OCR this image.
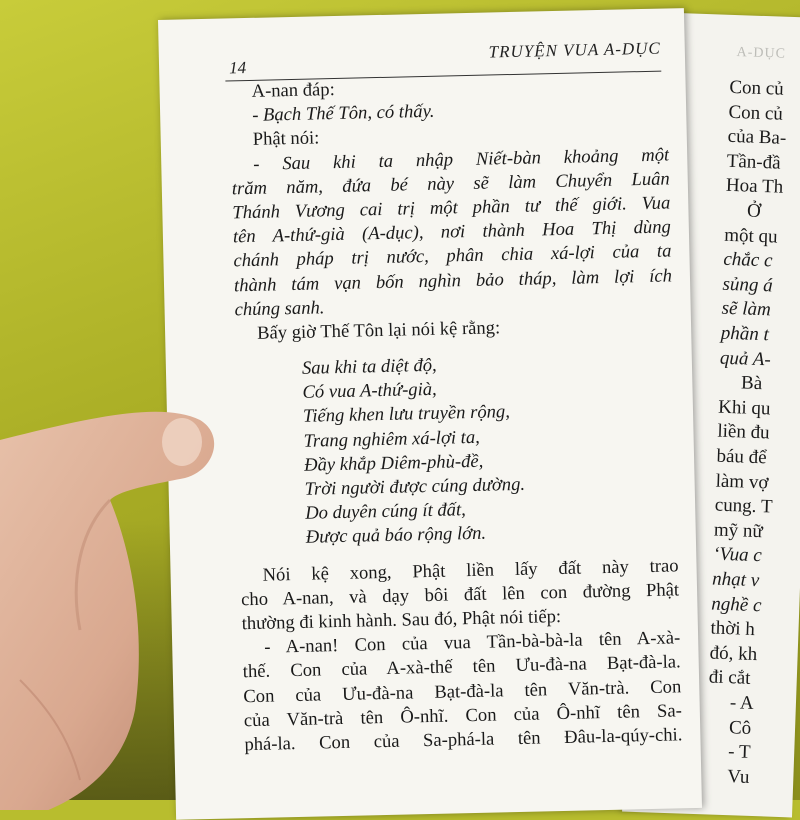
A-DỤC
Con củ
Con củ
của Ba-
Tần-đầ
Hoa Th
Ở
một qu
chắc c
sủng á
sẽ làm
phần t
quả A-
Bà
Khi qu
liền đu
báu để
làm vợ
cung. T
mỹ nữ
‘Vua c
nhạt v
nghề c
thời h
đó, kh
đi cắt
- A
Cô
- T
Vu
14
TRUYỆN VUA A-DỤC
A-nan đáp:
- Bạch Thế Tôn, có thấy.
Phật nói:
- Sau khi ta nhập Niết-bàn khoảng một
trăm năm, đứa bé này sẽ làm Chuyển Luân
Thánh Vương cai trị một phần tư thế giới. Vua
tên A-thứ-già (A-dục), nơi thành Hoa Thị dùng
chánh pháp trị nước, phân chia xá-lợi của ta
thành tám vạn bốn nghìn bảo tháp, làm lợi ích
chúng sanh.
Bấy giờ Thế Tôn lại nói kệ rằng:
Sau khi ta diệt độ,
Có vua A-thứ-già,
Tiếng khen lưu truyền rộng,
Trang nghiêm xá-lợi ta,
Đầy khắp Diêm-phù-đề,
Trời người được cúng dường.
Do duyên cúng ít đất,
Được quả báo rộng lớn.
Nói kệ xong, Phật liền lấy đất này trao
cho A-nan, và dạy bôi đất lên con đường Phật
thường đi kinh hành. Sau đó, Phật nói tiếp:
- A-nan! Con của vua Tần-bà-bà-la tên A-xà-
thế. Con của A-xà-thế tên Ưu-đà-na Bạt-đà-la.
Con của Ưu-đà-na Bạt-đà-la tên Văn-trà. Con
của Văn-trà tên Ô-nhĩ. Con của Ô-nhĩ tên Sa-
phá-la. Con của Sa-phá-la tên Đâu-la-qúy-chi.
